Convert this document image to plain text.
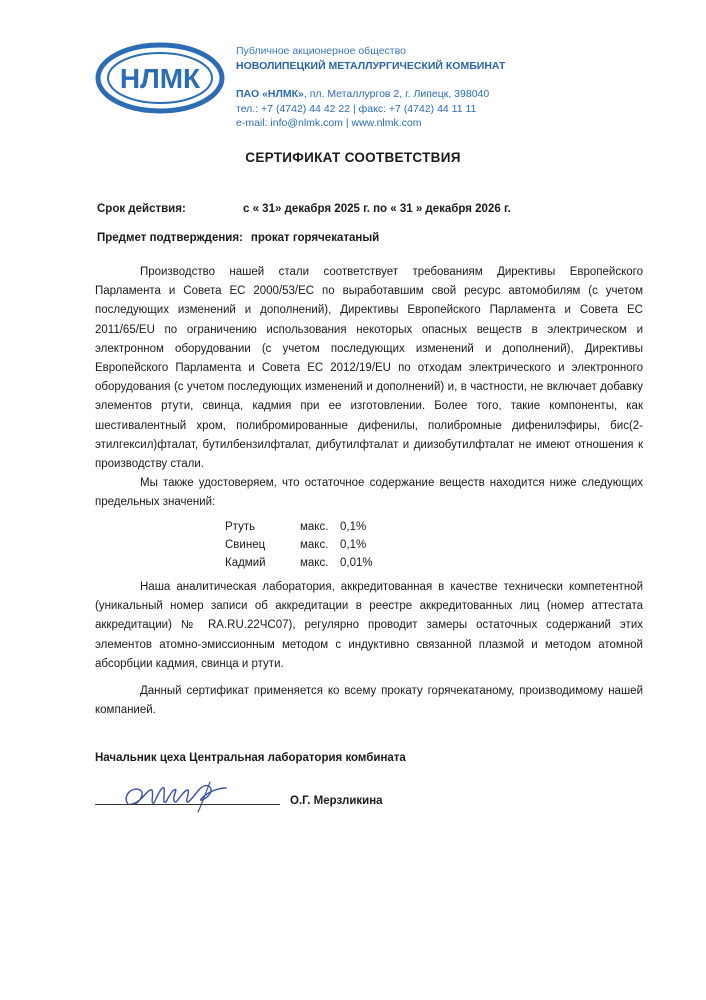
НЛМК
Публичное акционерное общество
НОВОЛИПЕЦКИЙ МЕТАЛЛУРГИЧЕСКИЙ КОМБИНАТ
ПАО «НЛМК», пл. Металлургов 2, г. Липецк, 398040
тел.: +7 (4742) 44 42 22 | факс: +7 (4742) 44 11 11
e-mail: info@nlmk.com | www.nlmk.com
СЕРТИФИКАТ СООТВЕТСТВИЯ
Срок действия:	с « 31» декабря 2025 г. по « 31 » декабря 2026 г.
Предмет подтверждения: прокат горячекатаный

Производство нашей стали соответствует требованиям Директивы Европейского Парламента и Совета ЕС 2000/53/ЕС по выработавшим свой ресурс автомобилям (с учетом последующих изменений и дополнений), Директивы Европейского Парламента и Совета ЕС 2011/65/EU по ограничению использования некоторых опасных веществ в электрическом и электронном оборудовании (с учетом последующих изменений и дополнений), Директивы Европейского Парламента и Совета ЕС 2012/19/EU по отходам электрического и электронного оборудования (с учетом последующих изменений и дополнений) и, в частности, не включает добавку элементов ртути, свинца, кадмия при ее изготовлении. Более того, такие компоненты, как шестивалентный хром, полибромированные дифенилы, полибромные дифенилэфиры, бис(2-этилгексил)фталат, бутилбензилфталат, дибутилфталат и диизобутилфталат не имеют отношения к производству стали.

Мы также удостоверяем, что остаточное содержание веществ находится ниже следующих предельных значений:

Ртуть	макс.	0,1%
Свинец	макс.	0,1%
Кадмий	макс.	0,01%

Наша аналитическая лаборатория, аккредитованная в качестве технически компетентной (уникальный номер записи об аккредитации в реестре аккредитованных лиц (номер аттестата аккредитации) № RA.RU.22ЧС07), регулярно проводит замеры остаточных содержаний этих элементов атомно-эмиссионным методом с индуктивно связанной плазмой и методом атомной абсорбции кадмия, свинца и ртути.

Данный сертификат применяется ко всему прокату горячекатаному, производимому нашей компанией.

Начальник цеха Центральная лаборатория комбината
О.Г. Мерзликина
